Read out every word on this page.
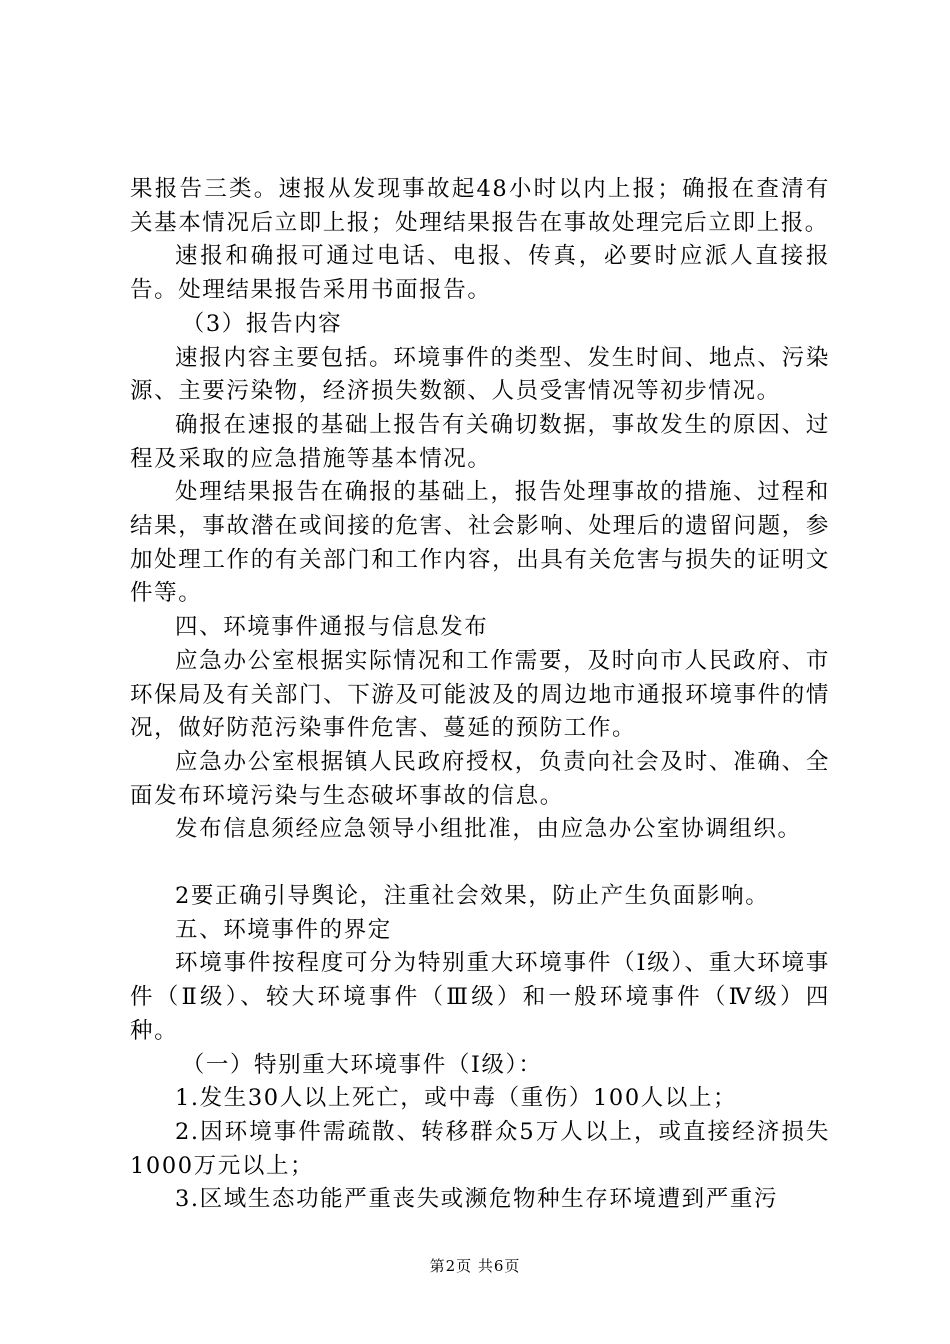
果报告三类。速报从发现事故起48小时以内上报；确报在查清有关基本情况后立即上报；处理结果报告在事故处理完后立即上报。

速报和确报可通过电话、电报、传真，必要时应派人直接报告。处理结果报告采用书面报告。

（3）报告内容

速报内容主要包括。环境事件的类型、发生时间、地点、污染源、主要污染物，经济损失数额、人员受害情况等初步情况。

确报在速报的基础上报告有关确切数据，事故发生的原因、过程及采取的应急措施等基本情况。

处理结果报告在确报的基础上，报告处理事故的措施、过程和结果，事故潜在或间接的危害、社会影响、处理后的遗留问题，参加处理工作的有关部门和工作内容，出具有关危害与损失的证明文件等。

四、环境事件通报与信息发布

应急办公室根据实际情况和工作需要，及时向市人民政府、市环保局及有关部门、下游及可能波及的周边地市通报环境事件的情况，做好防范污染事件危害、蔓延的预防工作。

应急办公室根据镇人民政府授权，负责向社会及时、准确、全面发布环境污染与生态破坏事故的信息。

发布信息须经应急领导小组批准，由应急办公室协调组织。

2要正确引导舆论，注重社会效果，防止产生负面影响。

五、环境事件的界定

环境事件按程度可分为特别重大环境事件（Ⅰ级）、重大环境事件（Ⅱ级）、较大环境事件（Ⅲ级）和一般环境事件（Ⅳ级）四种。

（一）特别重大环境事件（Ⅰ级）：

1.发生30人以上死亡，或中毒（重伤）100人以上；

2.因环境事件需疏散、转移群众5万人以上，或直接经济损失1000万元以上；

3.区域生态功能严重丧失或濒危物种生存环境遭到严重污

第2页 共6页
